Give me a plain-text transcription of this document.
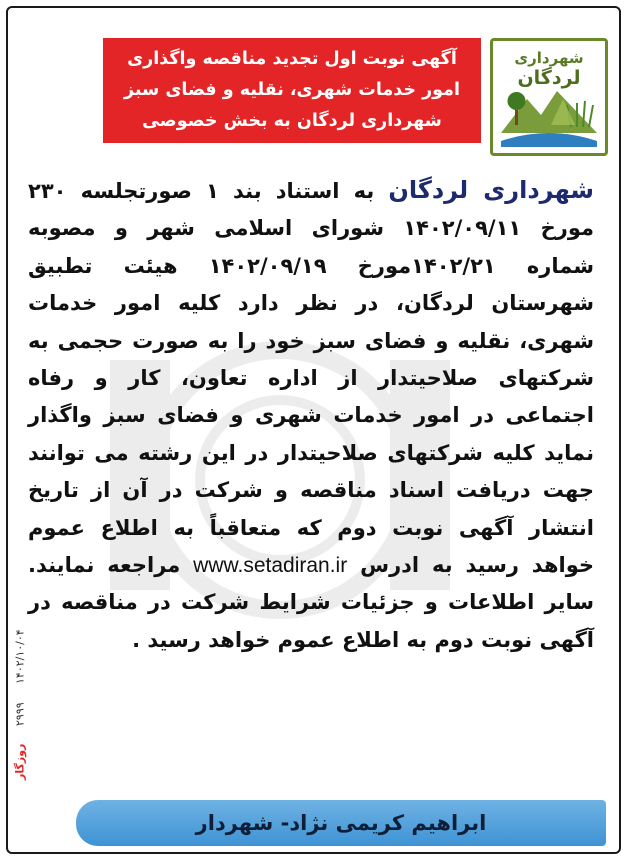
شهرداری
لردگان
آگهی نوبت اول تجدید مناقصه واگذاری
امور خدمات شهری، نقلیه و فضای سبز
شهرداری لردگان به بخش خصوصی
روزگار
۲۹۹۹
۱۴۰۲/۱۰/۰۴

شهرداری لردگان به استناد بند ۱ صورتجلسه ۲۳۰ مورخ ۱۴۰۲/۰۹/۱۱ شورای اسلامی شهر و مصوبه شماره ۱۴۰۲/۲۱مورخ ۱۴۰۲/۰۹/۱۹ هیئت تطبیق شهرستان لردگان، در نظر دارد کلیه امور خدمات شهری، نقلیه و فضای سبز خود را به صورت حجمی به شرکتهای صلاحیتدار از اداره تعاون، کار و رفاه اجتماعی در امور خدمات شهری و فضای سبز واگذار نماید کلیه شرکتهای صلاحیتدار در این رشته می توانند جهت دریافت اسناد مناقصه و شرکت در آن از تاریخ انتشار آگهی نوبت دوم که متعاقباً به اطلاع عموم خواهد رسید به ادرس www.setadiran.ir مراجعه نمایند. سایر اطلاعات و جزئیات شرایط شرکت در مناقصه در آگهی نوبت دوم به اطلاع عموم خواهد رسید .

ابراهیم کریمی نژاد- شهردار
